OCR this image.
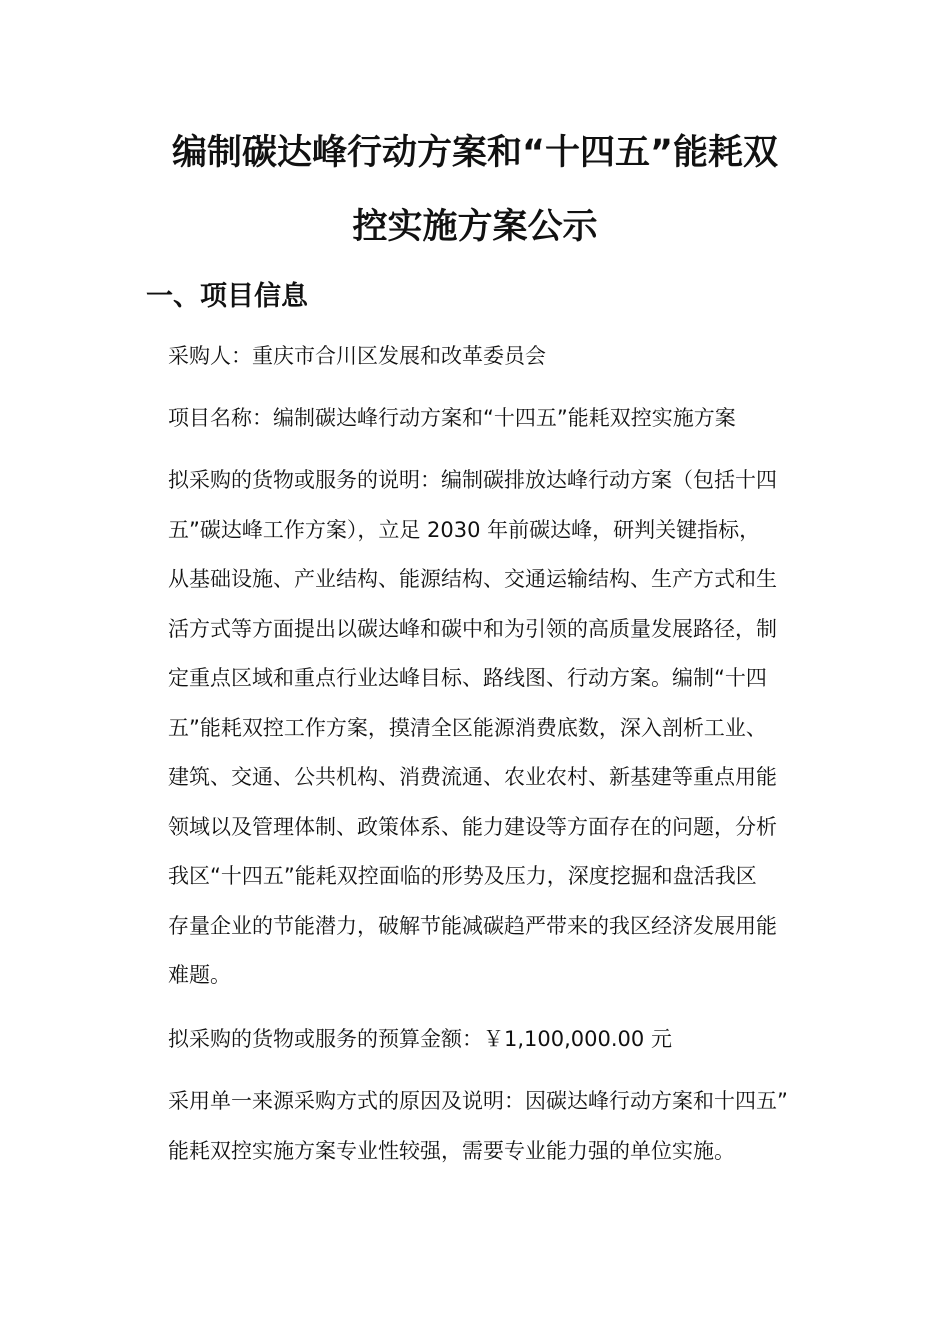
编制碳达峰行动方案和“十四五”能耗双
控实施方案公示
一、项目信息
采购人：重庆市合川区发展和改革委员会
项目名称：编制碳达峰行动方案和“十四五”能耗双控实施方案
拟采购的货物或服务的说明：编制碳排放达峰行动方案（包括十四
五”碳达峰工作方案），立足 2030 年前碳达峰，研判关键指标，
从基础设施、产业结构、能源结构、交通运输结构、生产方式和生
活方式等方面提出以碳达峰和碳中和为引领的高质量发展路径，制
定重点区域和重点行业达峰目标、路线图、行动方案。编制“十四
五”能耗双控工作方案，摸清全区能源消费底数，深入剖析工业、
建筑、交通、公共机构、消费流通、农业农村、新基建等重点用能
领域以及管理体制、政策体系、能力建设等方面存在的问题，分析
我区“十四五”能耗双控面临的形势及压力，深度挖掘和盘活我区
存量企业的节能潜力，破解节能减碳趋严带来的我区经济发展用能
难题。
拟采购的货物或服务的预算金额：￥1,100,000.00 元
采用单一来源采购方式的原因及说明：因碳达峰行动方案和十四五”
能耗双控实施方案专业性较强，需要专业能力强的单位实施。
